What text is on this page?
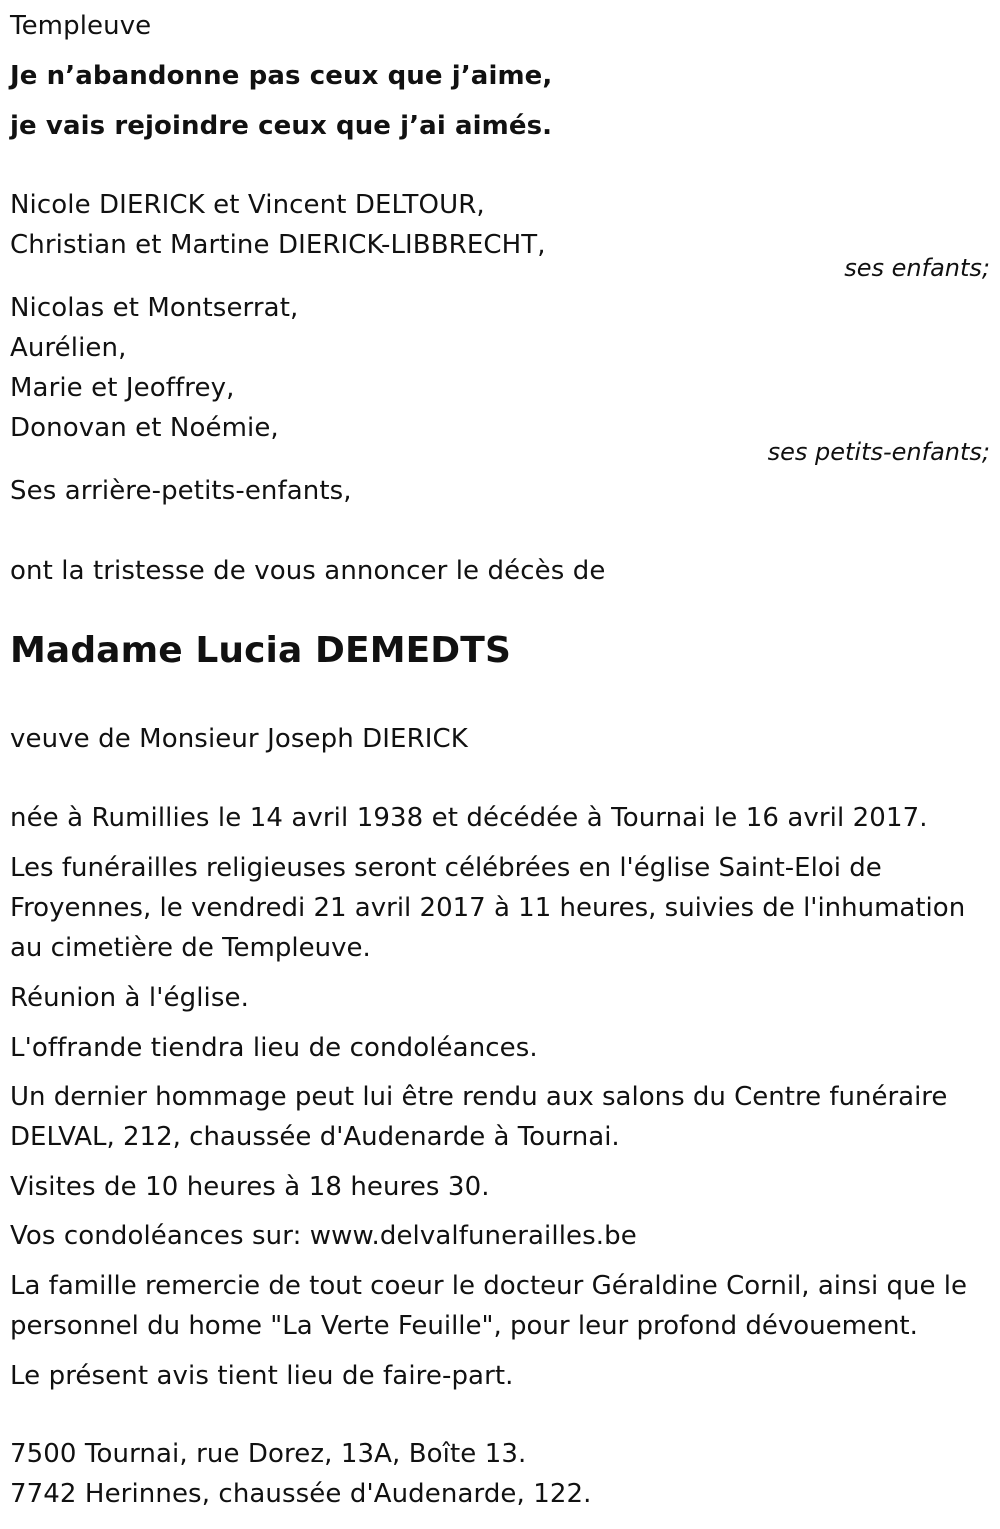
Templeuve
Je n’abandonne pas ceux que j’aime,
je vais rejoindre ceux que j’ai aimés.
Nicole DIERICK et Vincent DELTOUR,
Christian et Martine DIERICK-LIBBRECHT,
ses enfants;
Nicolas et Montserrat,
Aurélien,
Marie et Jeoffrey,
Donovan et Noémie,
ses petits-enfants;
Ses arrière-petits-enfants,
ont la tristesse de vous annoncer le décès de
Madame Lucia DEMEDTS
veuve de Monsieur Joseph DIERICK
née à Rumillies le 14 avril 1938 et décédée à Tournai le 16 avril 2017.
Les funérailles religieuses seront célébrées en l'église Saint-Eloi de Froyennes, le vendredi 21 avril 2017 à 11 heures, suivies de l'inhumation au cimetière de Templeuve.
Réunion à l'église.
L'offrande tiendra lieu de condoléances.
Un dernier hommage peut lui être rendu aux salons du Centre funéraire DELVAL, 212, chaussée d'Audenarde à Tournai.
Visites de 10 heures à 18 heures 30.
Vos condoléances sur: www.delvalfunerailles.be
La famille remercie de tout coeur le docteur Géraldine Cornil, ainsi que le personnel du home "La Verte Feuille", pour leur profond dévouement.
Le présent avis tient lieu de faire-part.
7500 Tournai, rue Dorez, 13A, Boîte 13.
7742 Herinnes, chaussée d'Audenarde, 122.
